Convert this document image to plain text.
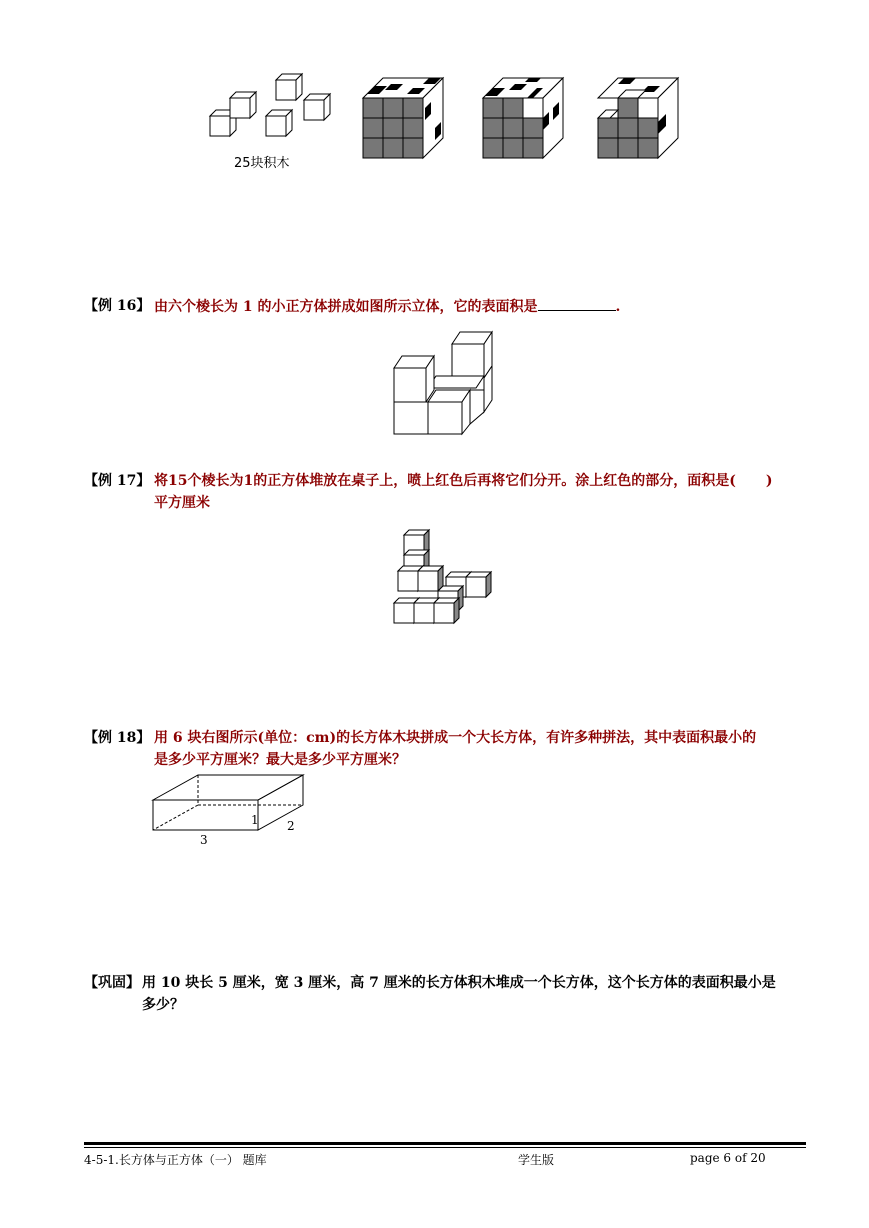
25块积木
【例 16】 由六个棱长为 1 的小正方体拼成如图所示立体，它的表面积是	.
【例 17】 将15个棱长为1的正方体堆放在桌子上，喷上红色后再将它们分开。涂上红色的部分，面积是( )
平方厘米
【例 18】 用 6 块右图所示(单位：cm)的长方体木块拼成一个大长方体，有许多种拼法，其中表面积最小的
是多少平方厘米？最大是多少平方厘米？
1 2
3
【巩固】 用 10 块长 5 厘米，宽 3 厘米，高 7 厘米的长方体积木堆成一个长方体，这个长方体的表面积最小是
多少？
4-5-1.长方体与正方体（一） 题库	学生版	page 6 of 20
